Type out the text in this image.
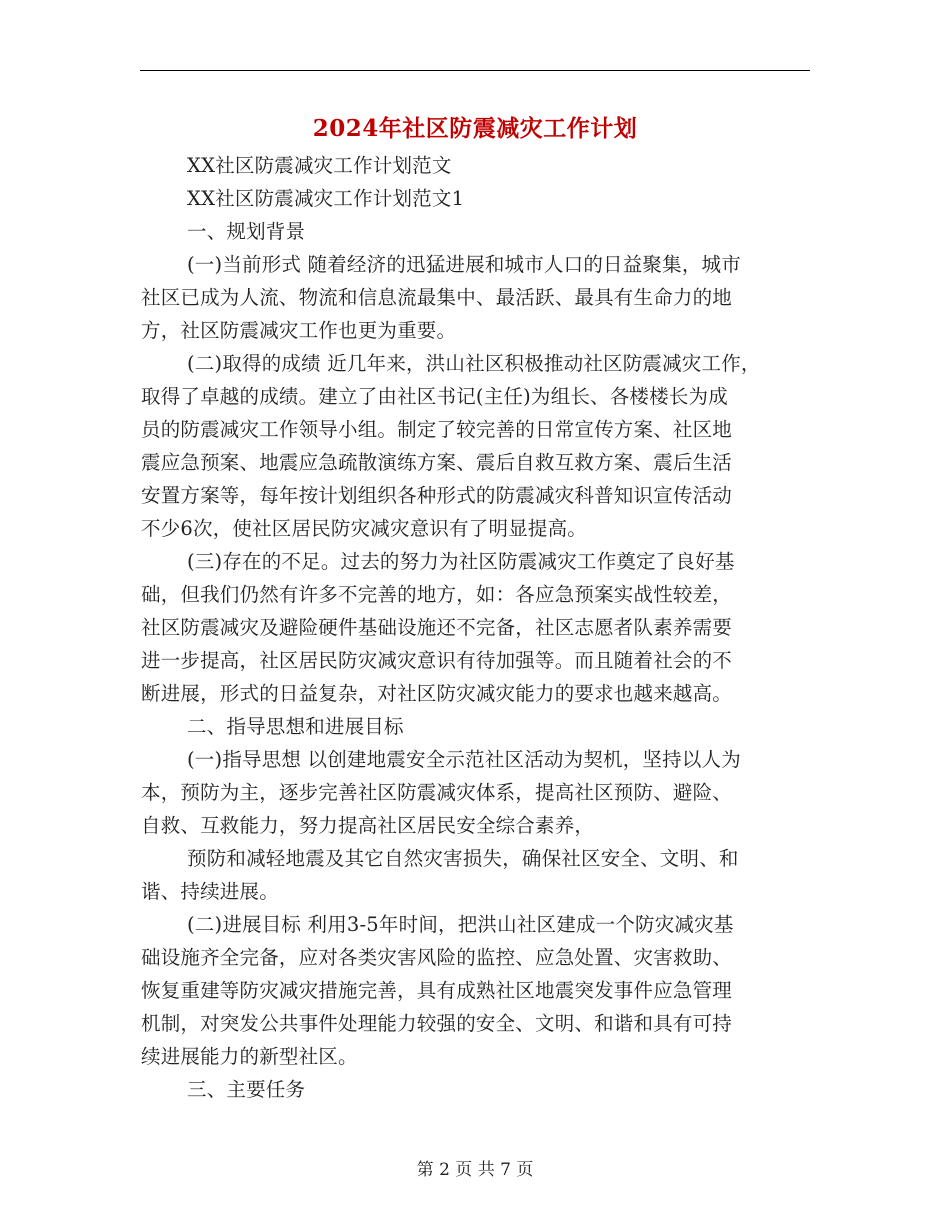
2024年社区防震减灾工作计划
XX社区防震减灾工作计划范文
XX社区防震减灾工作计划范文1
一、规划背景
(一)当前形式 随着经济的迅猛进展和城市人口的日益聚集，城市
社区已成为人流、物流和信息流最集中、最活跃、最具有生命力的地
方，社区防震减灾工作也更为重要。
(二)取得的成绩 近几年来，洪山社区积极推动社区防震减灾工作，
取得了卓越的成绩。建立了由社区书记(主任)为组长、各楼楼长为成
员的防震减灾工作领导小组。制定了较完善的日常宣传方案、社区地
震应急预案、地震应急疏散演练方案、震后自救互救方案、震后生活
安置方案等，每年按计划组织各种形式的防震减灾科普知识宣传活动
不少6次，使社区居民防灾减灾意识有了明显提高。
(三)存在的不足。过去的努力为社区防震减灾工作奠定了良好基
础，但我们仍然有许多不完善的地方，如：各应急预案实战性较差，
社区防震减灾及避险硬件基础设施还不完备，社区志愿者队素养需要
进一步提高，社区居民防灾减灾意识有待加强等。而且随着社会的不
断进展，形式的日益复杂，对社区防灾减灾能力的要求也越来越高。
二、指导思想和进展目标
(一)指导思想 以创建地震安全示范社区活动为契机，坚持以人为
本，预防为主，逐步完善社区防震减灾体系，提高社区预防、避险、
自救、互救能力，努力提高社区居民安全综合素养，
预防和减轻地震及其它自然灾害损失，确保社区安全、文明、和
谐、持续进展。
(二)进展目标 利用3-5年时间，把洪山社区建成一个防灾减灾基
础设施齐全完备，应对各类灾害风险的监控、应急处置、灾害救助、
恢复重建等防灾减灾措施完善，具有成熟社区地震突发事件应急管理
机制，对突发公共事件处理能力较强的安全、文明、和谐和具有可持
续进展能力的新型社区。
三、主要任务
第 2 页 共 7 页
